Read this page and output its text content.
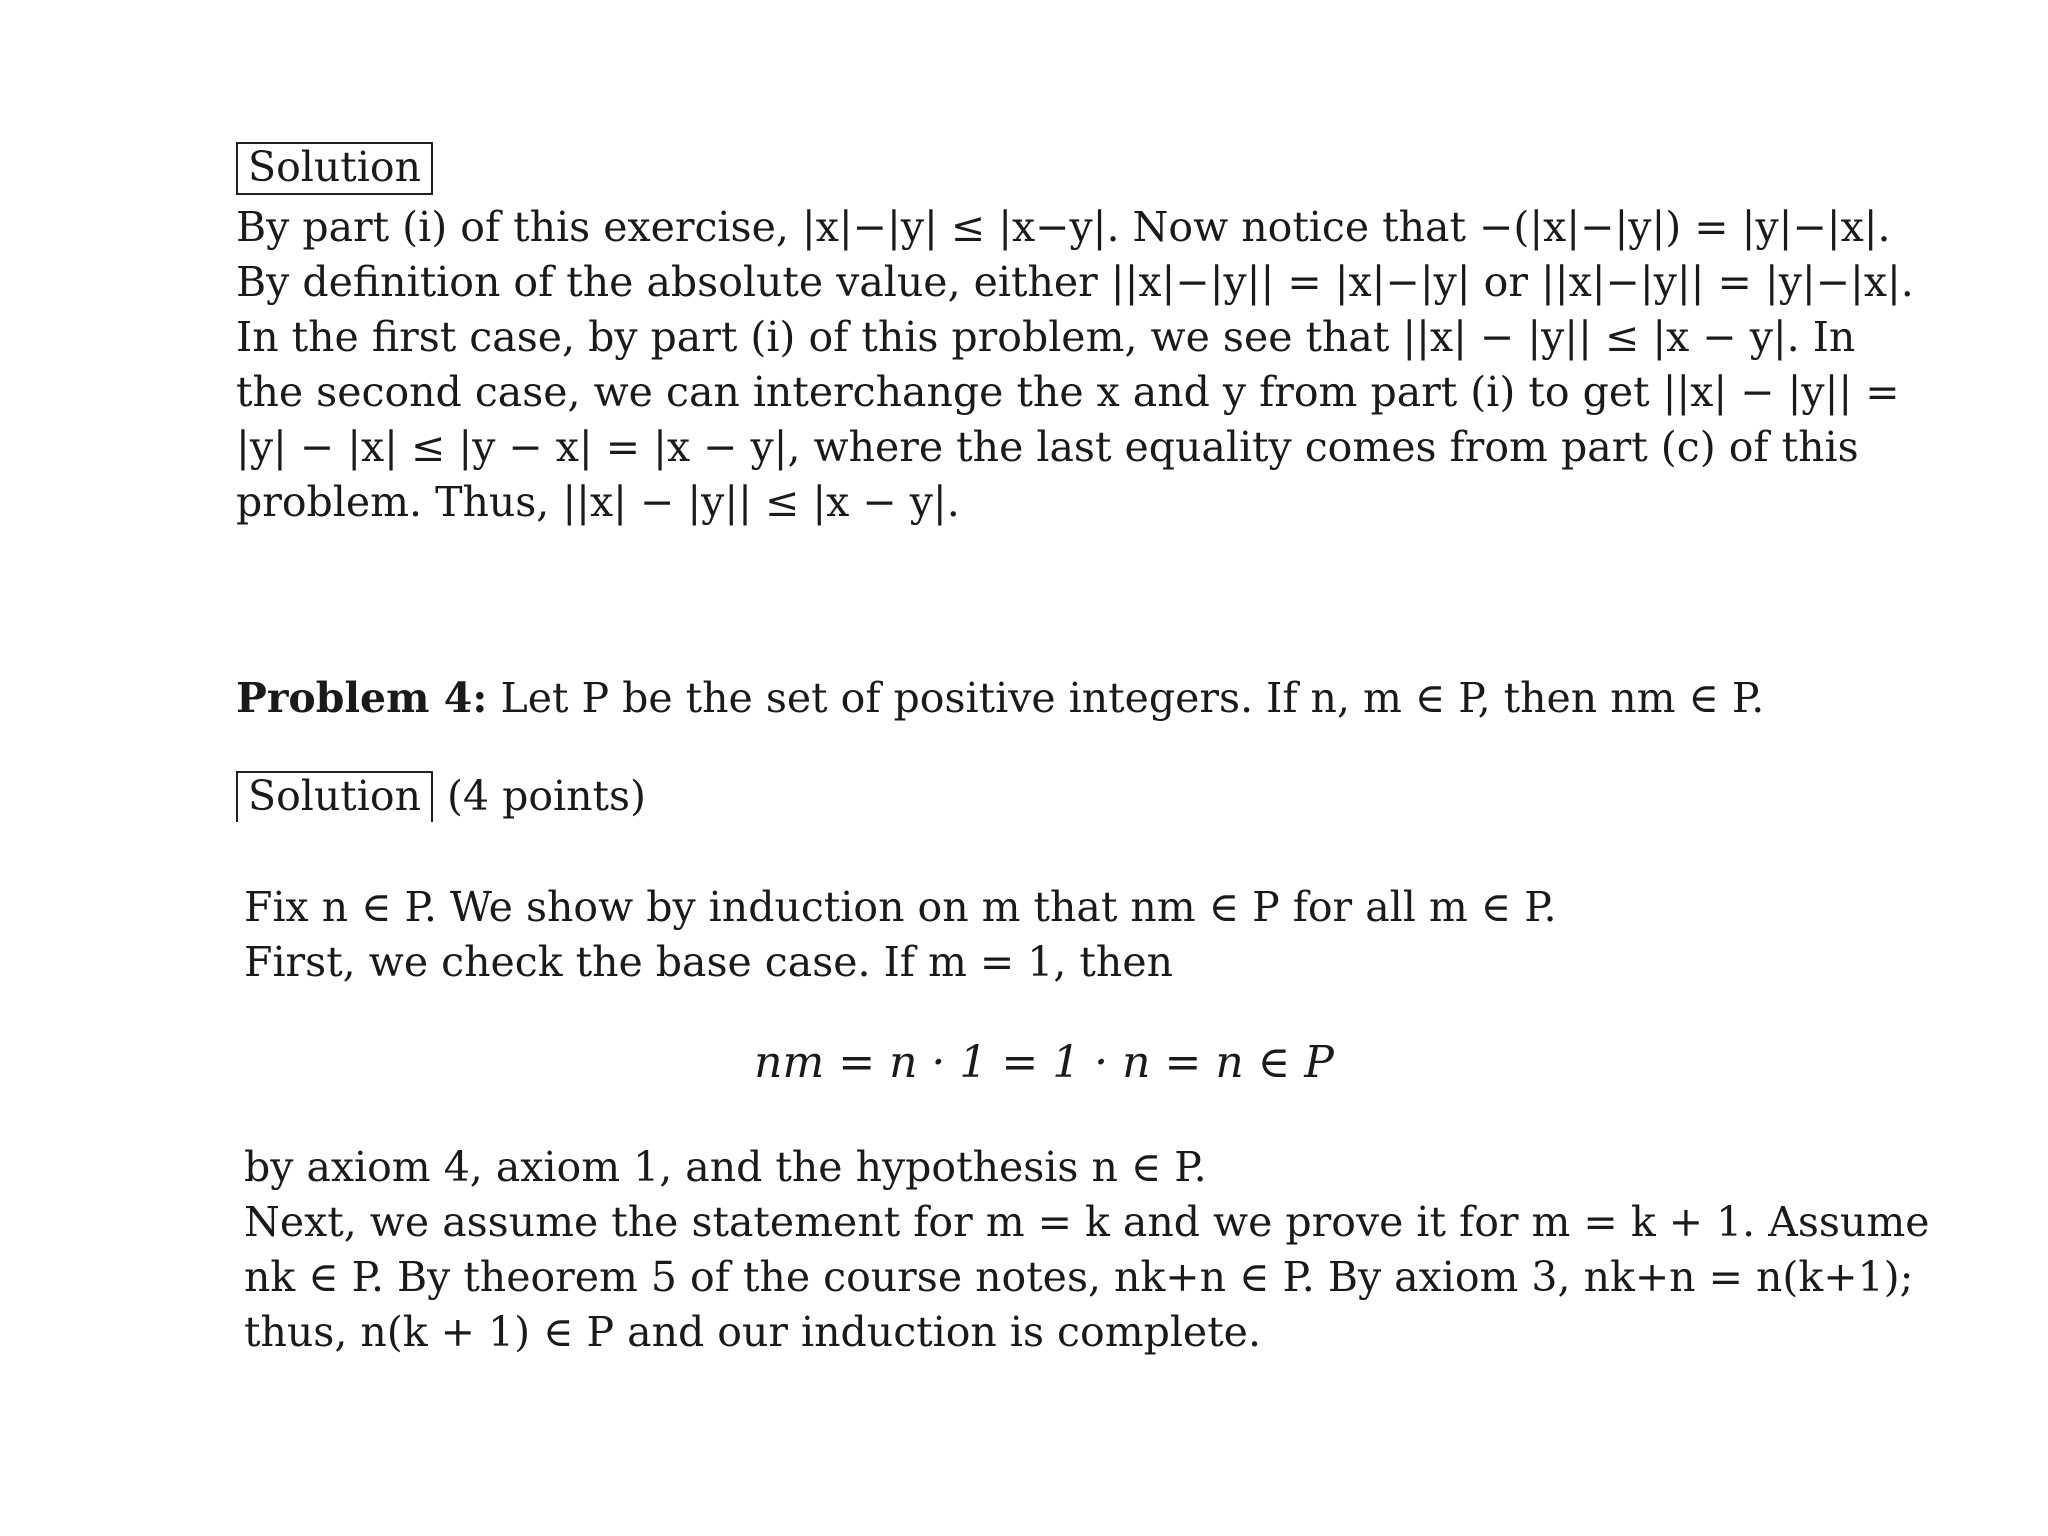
Solution

By part (i) of this exercise, |x|−|y| ≤ |x−y|. Now notice that −(|x|−|y|) = |y|−|x|.
By definition of the absolute value, either ||x|−|y|| = |x|−|y| or ||x|−|y|| = |y|−|x|.
In the first case, by part (i) of this problem, we see that ||x| − |y|| ≤ |x − y|. In
the second case, we can interchange the x and y from part (i) to get ||x| − |y|| =
|y| − |x| ≤ |y − x| = |x − y|, where the last equality comes from part (c) of this
problem. Thus, ||x| − |y|| ≤ |x − y|.

Problem 4: Let P be the set of positive integers. If n, m ∈ P, then nm ∈ P.
Solution (4 points)

Fix n ∈ P. We show by induction on m that nm ∈ P for all m ∈ P.
First, we check the base case. If m = 1, then

nm = n · 1 = 1 · n = n ∈ P

by axiom 4, axiom 1, and the hypothesis n ∈ P.
Next, we assume the statement for m = k and we prove it for m = k + 1. Assume
nk ∈ P. By theorem 5 of the course notes, nk+n ∈ P. By axiom 3, nk+n = n(k+1);
thus, n(k + 1) ∈ P and our induction is complete.
